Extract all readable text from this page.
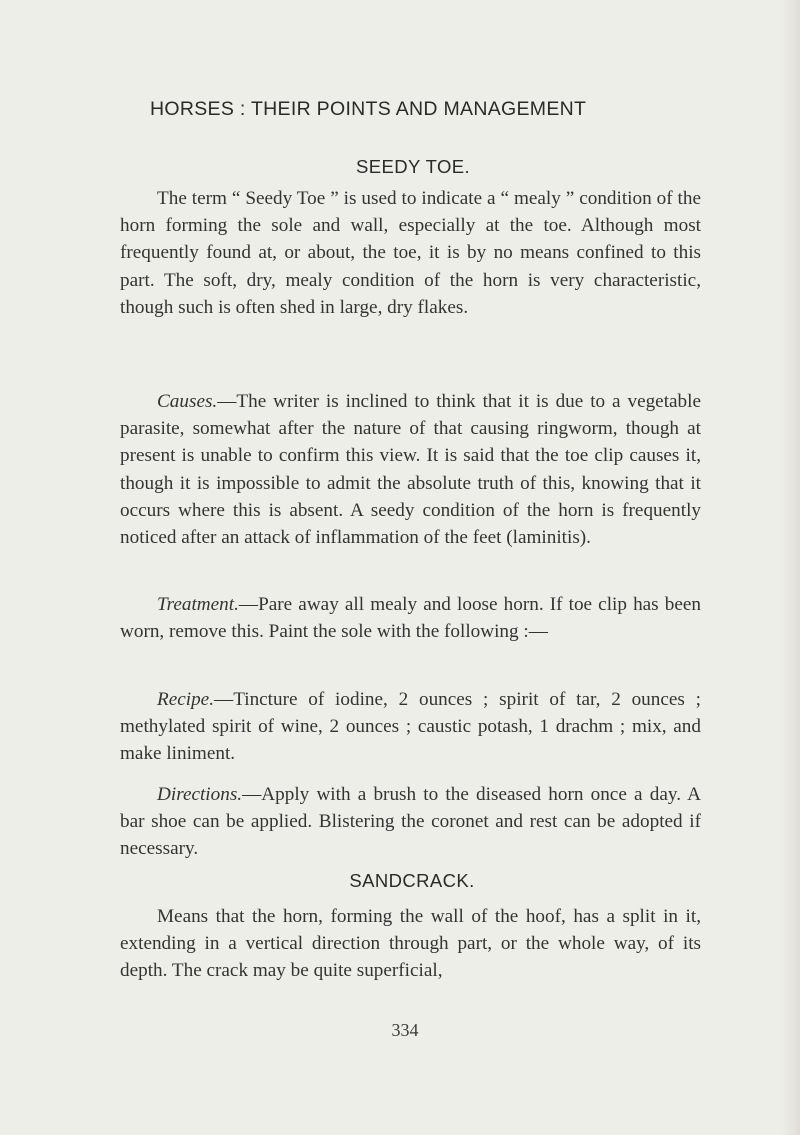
HORSES : THEIR POINTS AND MANAGEMENT
SEEDY TOE.

The term “ Seedy Toe ” is used to indicate a “ mealy ” condition of the horn forming the sole and wall, especially at the toe. Although most frequently found at, or about, the toe, it is by no means confined to this part. The soft, dry, mealy condition of the horn is very characteristic, though such is often shed in large, dry flakes.

Causes.—The writer is inclined to think that it is due to a vegetable parasite, somewhat after the nature of that causing ringworm, though at present is unable to confirm this view. It is said that the toe clip causes it, though it is impossible to admit the absolute truth of this, knowing that it occurs where this is absent. A seedy condition of the horn is frequently noticed after an attack of inflammation of the feet (laminitis).

Treatment.—Pare away all mealy and loose horn. If toe clip has been worn, remove this. Paint the sole with the following :—

Recipe.—Tincture of iodine, 2 ounces ; spirit of tar, 2 ounces ; methylated spirit of wine, 2 ounces ; caustic potash, 1 drachm ; mix, and make liniment.

Directions.—Apply with a brush to the diseased horn once a day. A bar shoe can be applied. Blistering the coronet and rest can be adopted if necessary.

SANDCRACK.

Means that the horn, forming the wall of the hoof, has a split in it, extending in a vertical direction through part, or the whole way, of its depth. The crack may be quite superficial,

334
